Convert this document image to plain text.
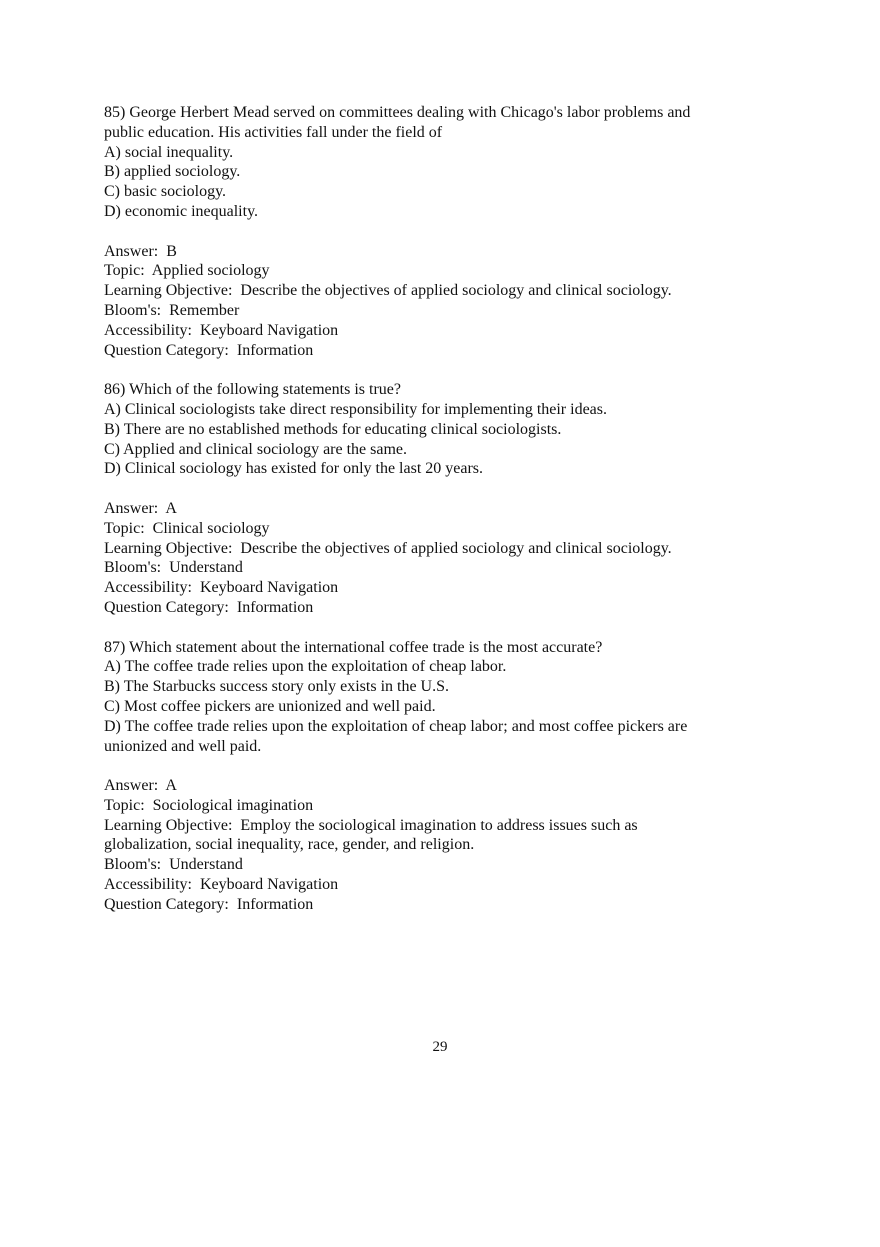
85) George Herbert Mead served on committees dealing with Chicago's labor problems and
public education. His activities fall under the field of
A) social inequality.
B) applied sociology.
C) basic sociology.
D) economic inequality.
Answer:  B
Topic:  Applied sociology
Learning Objective:  Describe the objectives of applied sociology and clinical sociology.
Bloom's:  Remember
Accessibility:  Keyboard Navigation
Question Category:  Information
86) Which of the following statements is true?
A) Clinical sociologists take direct responsibility for implementing their ideas.
B) There are no established methods for educating clinical sociologists.
C) Applied and clinical sociology are the same.
D) Clinical sociology has existed for only the last 20 years.
Answer:  A
Topic:  Clinical sociology
Learning Objective:  Describe the objectives of applied sociology and clinical sociology.
Bloom's:  Understand
Accessibility:  Keyboard Navigation
Question Category:  Information
87) Which statement about the international coffee trade is the most accurate?
A) The coffee trade relies upon the exploitation of cheap labor.
B) The Starbucks success story only exists in the U.S.
C) Most coffee pickers are unionized and well paid.
D) The coffee trade relies upon the exploitation of cheap labor; and most coffee pickers are
unionized and well paid.
Answer:  A
Topic:  Sociological imagination
Learning Objective:  Employ the sociological imagination to address issues such as
globalization, social inequality, race, gender, and religion.
Bloom's:  Understand
Accessibility:  Keyboard Navigation
Question Category:  Information
29
